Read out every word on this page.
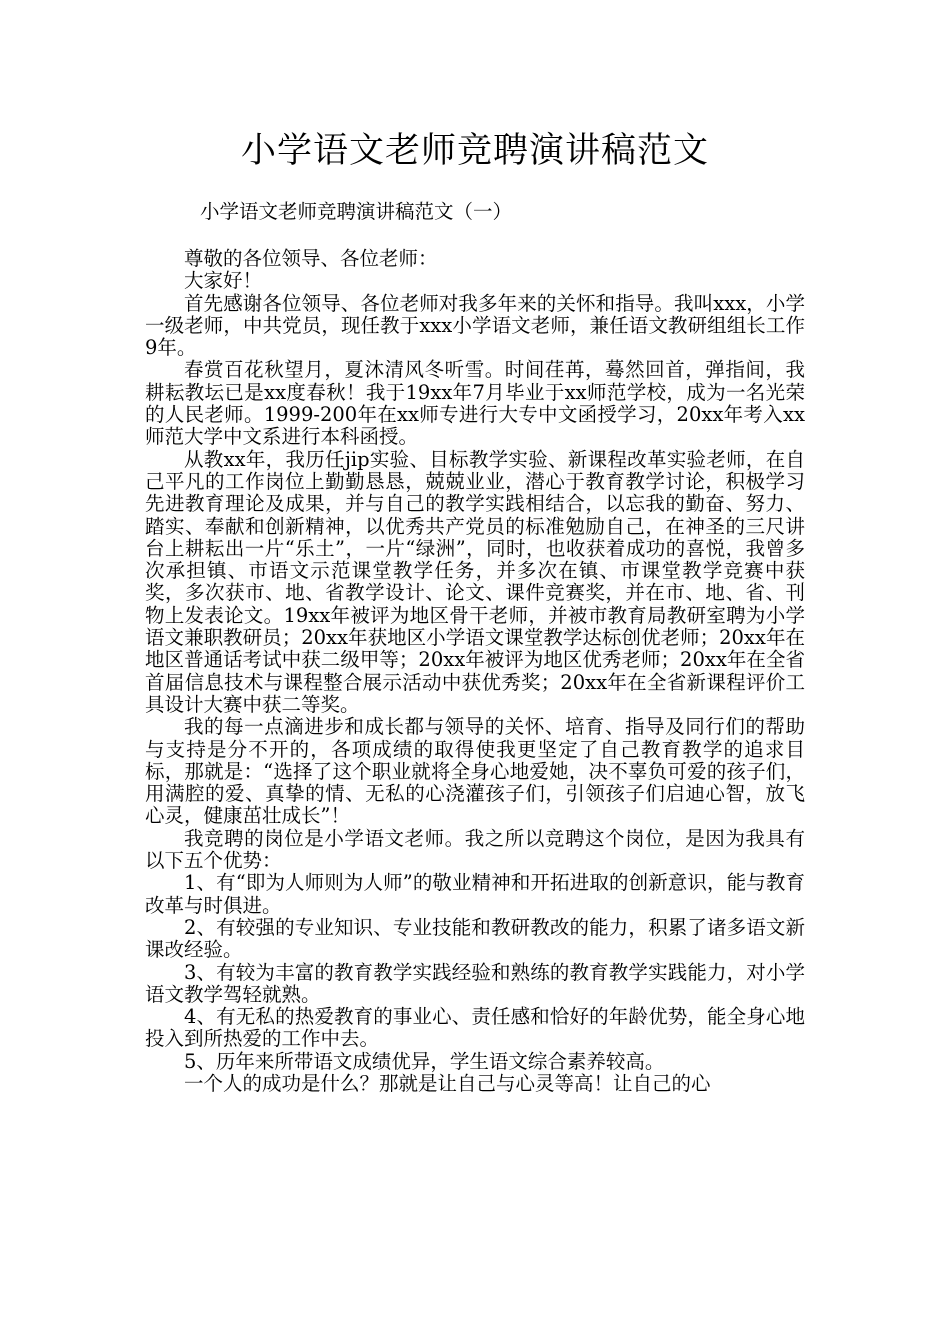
小学语文老师竞聘演讲稿范文

小学语文老师竞聘演讲稿范文（一）

尊敬的各位领导、各位老师：

大家好！

首先感谢各位领导、各位老师对我多年来的关怀和指导。我叫xxx，小学一级老师，中共党员，现任教于xxx小学语文老师，兼任语文教研组组长工作9年。

春赏百花秋望月，夏沐清风冬听雪。时间荏苒，蓦然回首，弹指间，我耕耘教坛已是xx度春秋！我于19xx年7月毕业于xx师范学校，成为一名光荣的人民老师。1999-200年在xx师专进行大专中文函授学习，20xx年考入xx师范大学中文系进行本科函授。

从教xx年，我历任jip实验、目标教学实验、新课程改革实验老师，在自己平凡的工作岗位上勤勤恳恳，兢兢业业，潜心于教育教学讨论，积极学习先进教育理论及成果，并与自己的教学实践相结合，以忘我的勤奋、努力、踏实、奉献和创新精神，以优秀共产党员的标准勉励自己，在神圣的三尺讲台上耕耘出一片“乐土”，一片“绿洲”，同时，也收获着成功的喜悦，我曾多次承担镇、市语文示范课堂教学任务，并多次在镇、市课堂教学竞赛中获奖，多次获市、地、省教学设计、论文、课件竞赛奖，并在市、地、省、刊物上发表论文。19xx年被评为地区骨干老师，并被市教育局教研室聘为小学语文兼职教研员；20xx年获地区小学语文课堂教学达标创优老师；20xx年在地区普通话考试中获二级甲等；20xx年被评为地区优秀老师；20xx年在全省首届信息技术与课程整合展示活动中获优秀奖；20xx年在全省新课程评价工具设计大赛中获二等奖。

我的每一点滴进步和成长都与领导的关怀、培育、指导及同行们的帮助与支持是分不开的，各项成绩的取得使我更坚定了自己教育教学的追求目标，那就是：“选择了这个职业就将全身心地爱她，决不辜负可爱的孩子们，用满腔的爱、真挚的情、无私的心浇灌孩子们，引领孩子们启迪心智，放飞心灵，健康茁壮成长”！

我竞聘的岗位是小学语文老师。我之所以竞聘这个岗位，是因为我具有以下五个优势：

1、有“即为人师则为人师”的敬业精神和开拓进取的创新意识，能与教育改革与时俱进。

2、有较强的专业知识、专业技能和教研教改的能力，积累了诸多语文新课改经验。

3、有较为丰富的教育教学实践经验和熟练的教育教学实践能力，对小学语文教学驾轻就熟。

4、有无私的热爱教育的事业心、责任感和恰好的年龄优势，能全身心地投入到所热爱的工作中去。

5、历年来所带语文成绩优异，学生语文综合素养较高。

一个人的成功是什么？那就是让自己与心灵等高！让自己的心
